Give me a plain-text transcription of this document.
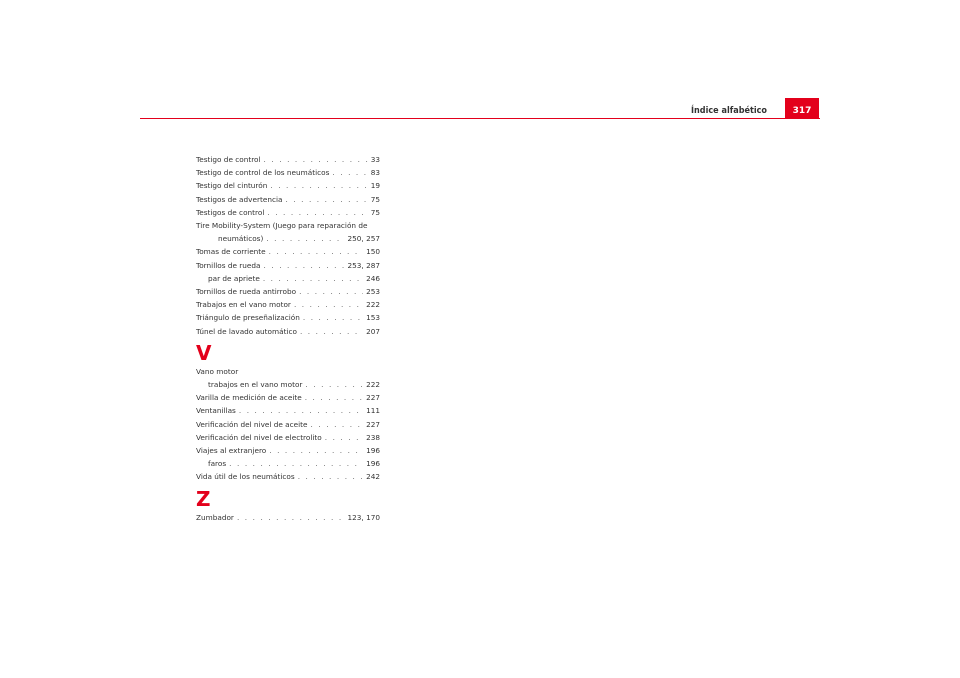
Índice alfabético	317
Testigo de control . . .	33
Testigo de control de los neumáticos . . .	83
Testigo del cinturón . . .	19
Testigos de advertencia . . .	75
Testigos de control . . .	75
Tire Mobility-System (Juego para reparación de
neumáticos) . . .	250, 257
Tomas de corriente . . .	150
Tornillos de rueda . . .	253, 287
par de apriete . . .	246
Tornillos de rueda antirrobo . . .	253
Trabajos en el vano motor . . .	222
Triángulo de preseñalización . . .	153
Túnel de lavado automático . . .	207
V
Vano motor
trabajos en el vano motor . . .	222
Varilla de medición de aceite . . .	227
Ventanillas . . .	111
Verificación del nivel de aceite . . .	227
Verificación del nivel de electrolito . . .	238
Viajes al extranjero . . .	196
faros . . .	196
Vida útil de los neumáticos . . .	242
Z
Zumbador . . .	123, 170
